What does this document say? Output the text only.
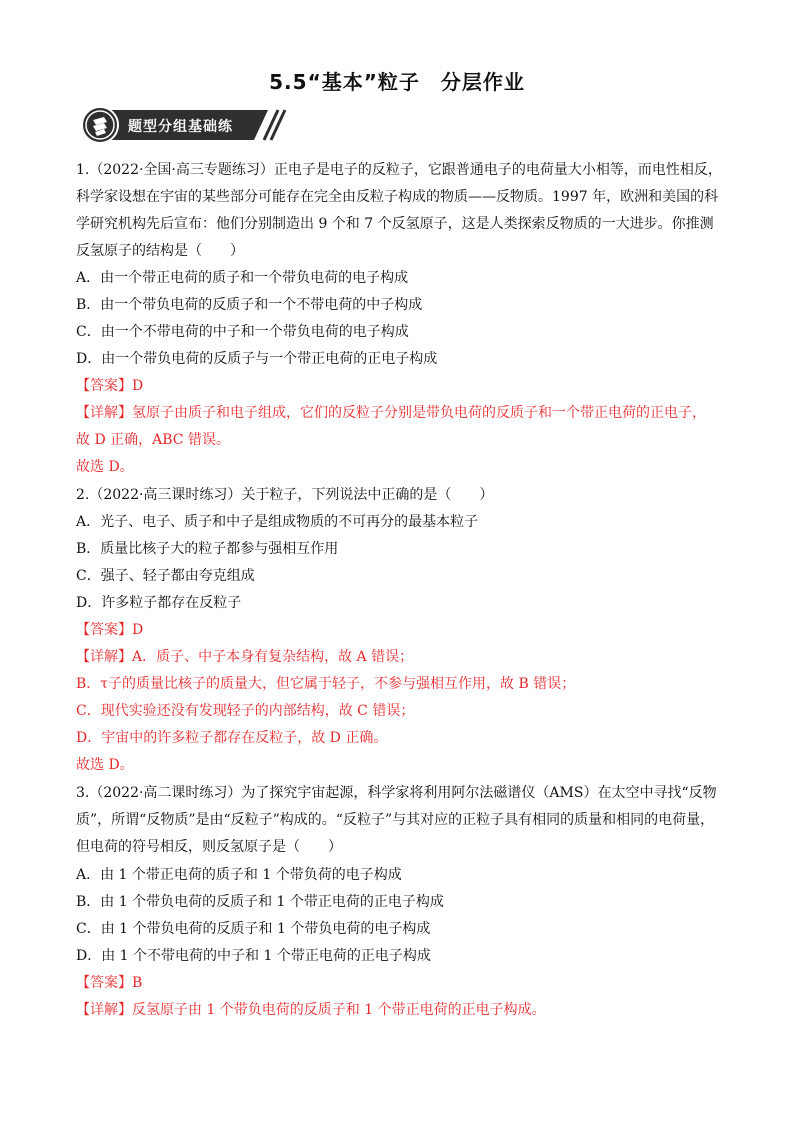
5.5“基本”粒子　分层作业
题型分组基础练
1.（2022·全国·高三专题练习）正电子是电子的反粒子，它跟普通电子的电荷量大小相等，而电性相反，
科学家设想在宇宙的某些部分可能存在完全由反粒子构成的物质——反物质。1997 年，欧洲和美国的科
学研究机构先后宣布：他们分别制造出 9 个和 7 个反氢原子，这是人类探索反物质的一大进步。你推测
反氢原子的结构是（　　）
A．由一个带正电荷的质子和一个带负电荷的电子构成
B．由一个带负电荷的反质子和一个不带电荷的中子构成
C．由一个不带电荷的中子和一个带负电荷的电子构成
D．由一个带负电荷的反质子与一个带正电荷的正电子构成
【答案】D
【详解】氢原子由质子和电子组成，它们的反粒子分别是带负电荷的反质子和一个带正电荷的正电子，
故 D 正确，ABC 错误。
故选 D。
2.（2022·高三课时练习）关于粒子，下列说法中正确的是（　　）
A．光子、电子、质子和中子是组成物质的不可再分的最基本粒子
B．质量比核子大的粒子都参与强相互作用
C．强子、轻子都由夸克组成
D．许多粒子都存在反粒子
【答案】D
【详解】A．质子、中子本身有复杂结构，故 A 错误；
B．τ子的质量比核子的质量大，但它属于轻子，不参与强相互作用，故 B 错误；
C．现代实验还没有发现轻子的内部结构，故 C 错误；
D．宇宙中的许多粒子都存在反粒子，故 D 正确。
故选 D。
3.（2022·高二课时练习）为了探究宇宙起源，科学家将利用阿尔法磁谱仪（AMS）在太空中寻找“反物
质”，所谓“反物质”是由“反粒子”构成的。“反粒子”与其对应的正粒子具有相同的质量和相同的电荷量，
但电荷的符号相反，则反氢原子是（　　）
A．由 1 个带正电荷的质子和 1 个带负荷的电子构成
B．由 1 个带负电荷的反质子和 1 个带正电荷的正电子构成
C．由 1 个带负电荷的反质子和 1 个带负电荷的电子构成
D．由 1 个不带电荷的中子和 1 个带正电荷的正电子构成
【答案】B
【详解】反氢原子由 1 个带负电荷的反质子和 1 个带正电荷的正电子构成。
